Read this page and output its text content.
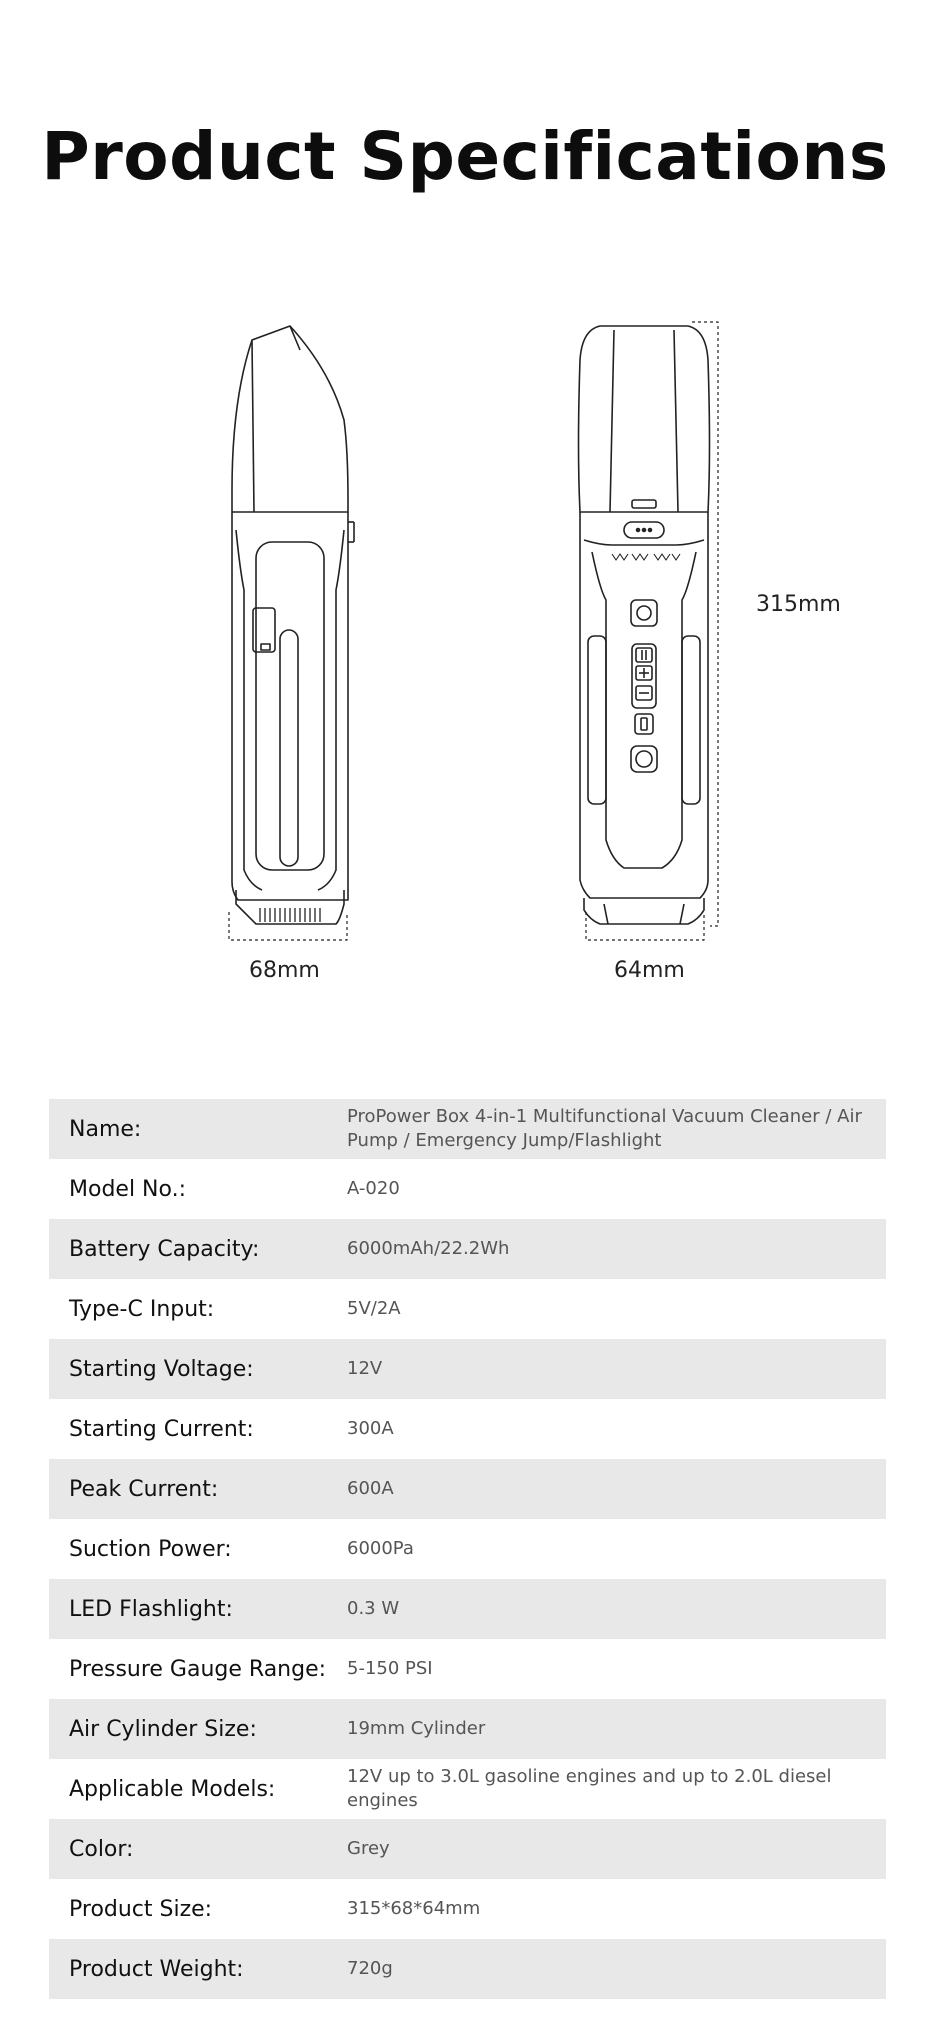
Product Specifications
68mm	64mm
315mm
Name:	ProPower Box 4-in-1 Multifunctional Vacuum Cleaner / Air Pump / Emergency Jump/Flashlight
Model No.:	A-020
Battery Capacity:	6000mAh/22.2Wh
Type-C Input:	5V/2A
Starting Voltage:	12V
Starting Current:	300A
Peak Current:	600A
Suction Power:	6000Pa
LED Flashlight:	0.3 W
Pressure Gauge Range:	5-150 PSI
Air Cylinder Size:	19mm Cylinder
Applicable Models:	12V up to 3.0L gasoline engines and up to 2.0L diesel engines
Color:	Grey
Product Size:	315*68*64mm
Product Weight:	720g
